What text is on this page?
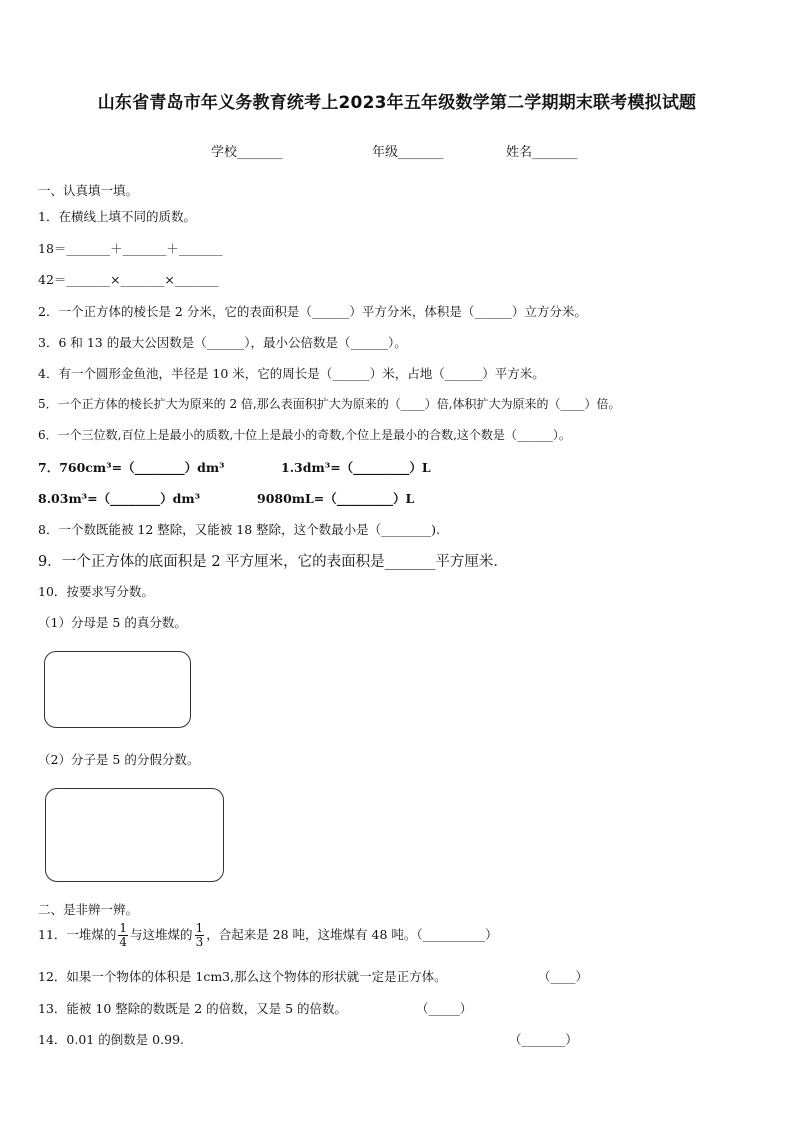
山东省青岛市年义务教育统考上2023年五年级数学第二学期期末联考模拟试题
学校_______	年级_______	姓名_______
一、认真填一填。
1．在横线上填不同的质数。
18＝_______＋_______＋_______
42＝_______×_______×_______
2．一个正方体的棱长是 2 分米，它的表面积是（______）平方分米，体积是（______）立方分米。
3．6 和 13 的最大公因数是（______），最小公倍数是（______）。
4．有一个圆形金鱼池，半径是 10 米，它的周长是（______）米，占地（______）平方米。
5．一个正方体的棱长扩大为原来的 2 倍,那么表面积扩大为原来的（____）倍,体积扩大为原来的（____）倍。
6．一个三位数,百位上是最小的质数,十位上是最小的奇数,个位上是最小的合数,这个数是（______）。
7．760cm³=（________）dm³	1.3dm³=（_________）L
8.03m³=（________）dm³	9080mL=（_________）L
8．一个数既能被 12 整除，又能被 18 整除，这个数最小是（________).
9．一个正方体的底面积是 2 平方厘米，它的表面积是_______平方厘米．
10．按要求写分数。
（1）分母是 5 的真分数。
（2）分子是 5 的分假分数。
二、是非辨一辨。
11．一堆煤的 $\frac{1}{4}$ 与这堆煤的 $\frac{1}{3}$ ，合起来是 28 吨，这堆煤有 48 吨。（__________）
12．如果一个物体的体积是 1cm3,那么这个物体的形状就一定是正方体。	（____）
13．能被 10 整除的数既是 2 的倍数，又是 5 的倍数。	（_____）
14．0.01 的倒数是 0.99.	（_______）
